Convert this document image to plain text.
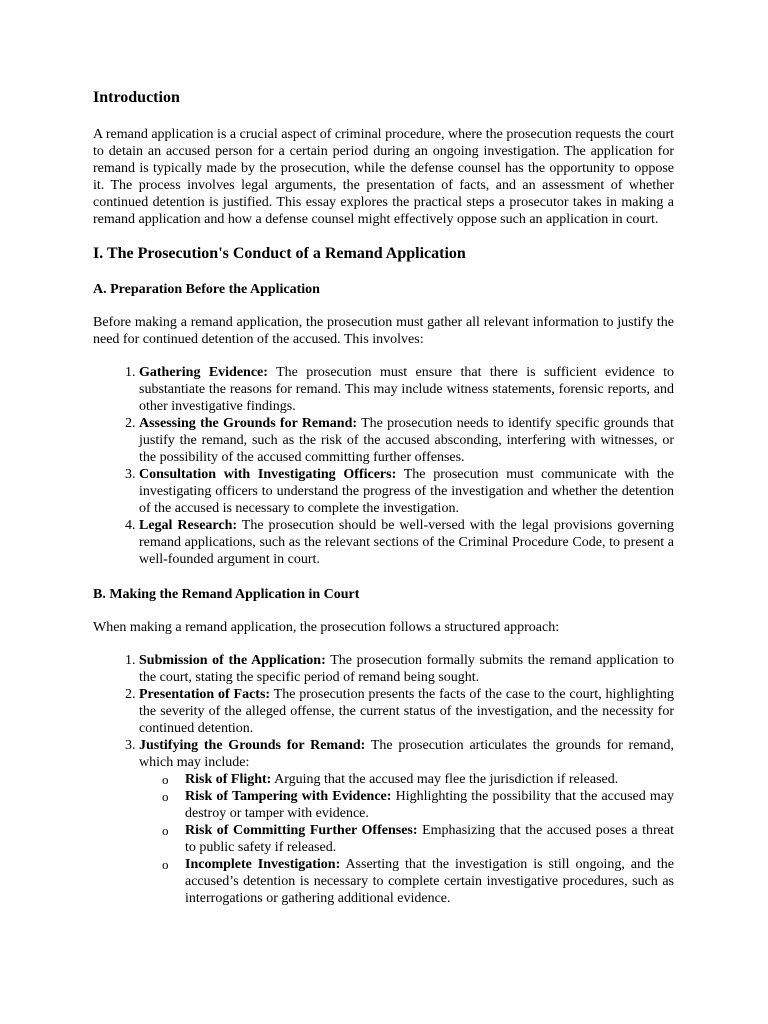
Introduction

A remand application is a crucial aspect of criminal procedure, where the prosecution requests the court to detain an accused person for a certain period during an ongoing investigation. The application for remand is typically made by the prosecution, while the defense counsel has the opportunity to oppose it. The process involves legal arguments, the presentation of facts, and an assessment of whether continued detention is justified. This essay explores the practical steps a prosecutor takes in making a remand application and how a defense counsel might effectively oppose such an application in court.

I. The Prosecution's Conduct of a Remand Application
A. Preparation Before the Application

Before making a remand application, the prosecution must gather all relevant information to justify the need for continued detention of the accused. This involves:

1. Gathering Evidence: The prosecution must ensure that there is sufficient evidence to substantiate the reasons for remand. This may include witness statements, forensic reports, and other investigative findings.
2. Assessing the Grounds for Remand: The prosecution needs to identify specific grounds that justify the remand, such as the risk of the accused absconding, interfering with witnesses, or the possibility of the accused committing further offenses.
3. Consultation with Investigating Officers: The prosecution must communicate with the investigating officers to understand the progress of the investigation and whether the detention of the accused is necessary to complete the investigation.
4. Legal Research: The prosecution should be well-versed with the legal provisions governing remand applications, such as the relevant sections of the Criminal Procedure Code, to present a well-founded argument in court.
B. Making the Remand Application in Court

When making a remand application, the prosecution follows a structured approach:

1. Submission of the Application: The prosecution formally submits the remand application to the court, stating the specific period of remand being sought.
2. Presentation of Facts: The prosecution presents the facts of the case to the court, highlighting the severity of the alleged offense, the current status of the investigation, and the necessity for continued detention.
3. Justifying the Grounds for Remand: The prosecution articulates the grounds for remand, which may include:
o Risk of Flight: Arguing that the accused may flee the jurisdiction if released.
o Risk of Tampering with Evidence: Highlighting the possibility that the accused may destroy or tamper with evidence.
o Risk of Committing Further Offenses: Emphasizing that the accused poses a threat to public safety if released.
o Incomplete Investigation: Asserting that the investigation is still ongoing, and the accused’s detention is necessary to complete certain investigative procedures, such as interrogations or gathering additional evidence.
